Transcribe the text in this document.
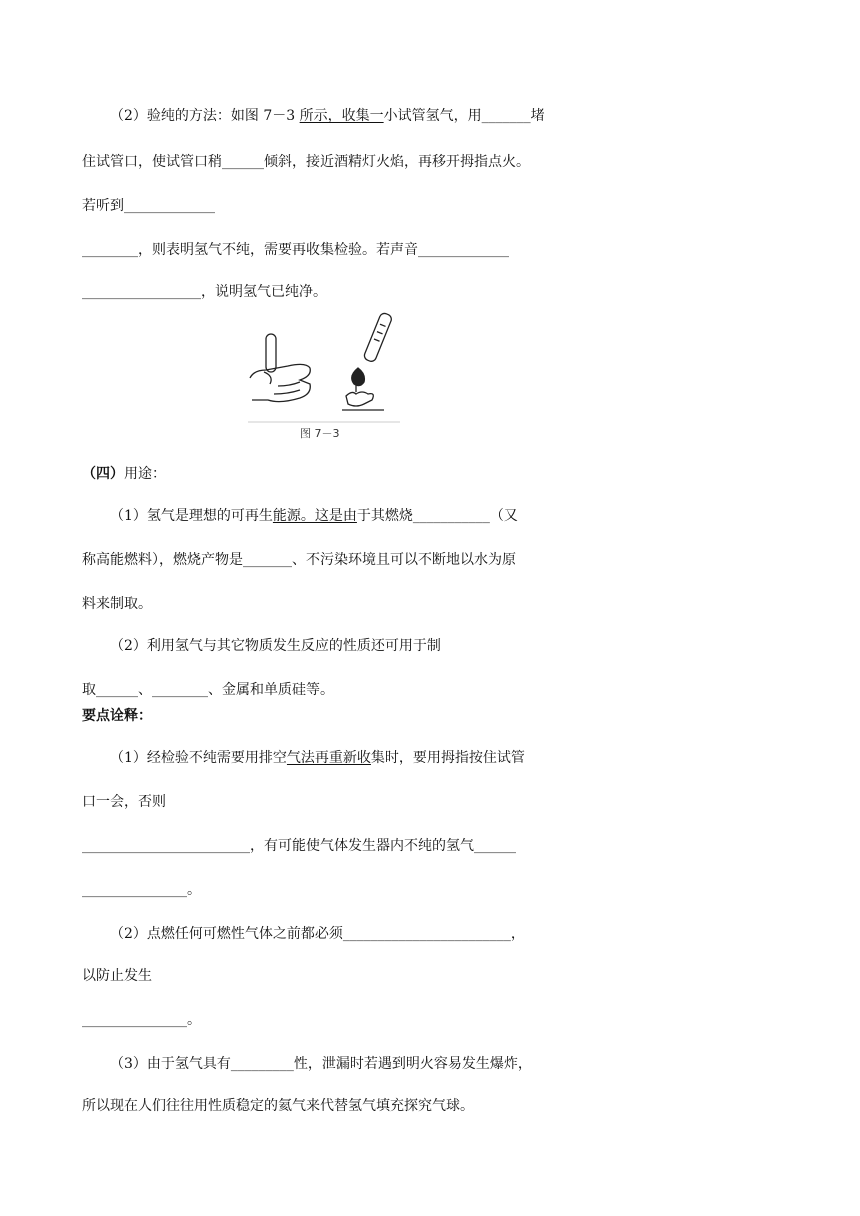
（2）验纯的方法：如图 7－3 所示，收集一小试管氢气，用_______堵
住试管口，使试管口稍______倾斜，接近酒精灯火焰，再移开拇指点火。
若听到_____________
________，则表明氢气不纯，需要再收集检验。若声音_____________
_________________，说明氢气已纯净。
图 7－3
（四）用途：
（1）氢气是理想的可再生能源。这是由于其燃烧___________（又
称高能燃料），燃烧产物是_______、不污染环境且可以不断地以水为原
料来制取。
（2）利用氢气与其它物质发生反应的性质还可用于制
取______、________、金属和单质硅等。
要点诠释：
（1）经检验不纯需要用排空气法再重新收集时，要用拇指按住试管
口一会，否则
________________________，有可能使气体发生器内不纯的氢气______
_______________。
（2）点燃任何可燃性气体之前都必须________________________，
以防止发生
_______________。
（3）由于氢气具有_________性，泄漏时若遇到明火容易发生爆炸，
所以现在人们往往用性质稳定的氦气来代替氢气填充探究气球。
